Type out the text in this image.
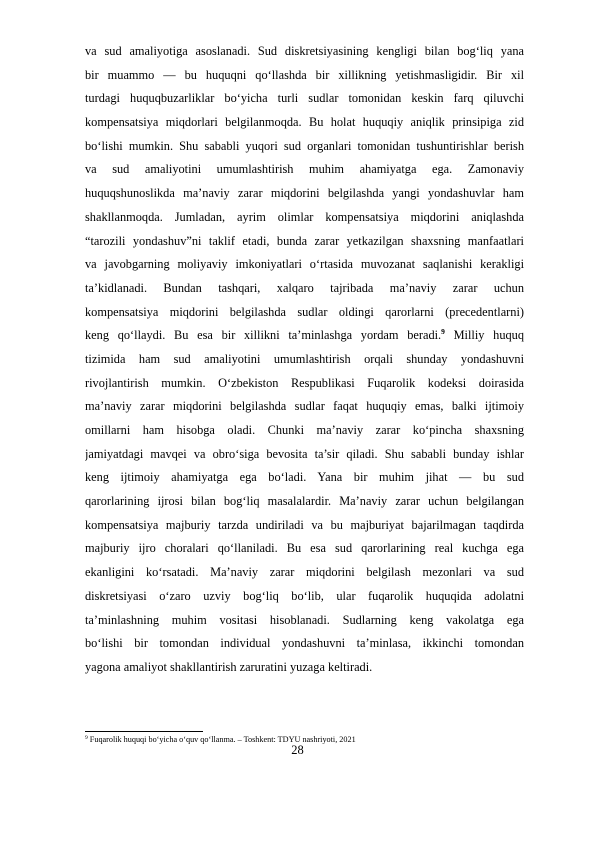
va sud amaliyotiga asoslanadi. Sud diskretsiyasining kengligi bilan bog‘liq yana
bir muammo — bu huquqni qo‘llashda bir xillikning yetishmasligidir. Bir xil
turdagi huquqbuzarliklar bo‘yicha turli sudlar tomonidan keskin farq qiluvchi
kompensatsiya miqdorlari belgilanmoqda. Bu holat huquqiy aniqlik prinsipiga zid
bo‘lishi mumkin. Shu sababli yuqori sud organlari tomonidan tushuntirishlar berish
va sud amaliyotini umumlashtirish muhim ahamiyatga ega. Zamonaviy
huquqshunoslikda ma’naviy zarar miqdorini belgilashda yangi yondashuvlar ham
shakllanmoqda. Jumladan, ayrim olimlar kompensatsiya miqdorini aniqlashda
“tarozili yondashuv”ni taklif etadi, bunda zarar yetkazilgan shaxsning manfaatlari
va javobgarning moliyaviy imkoniyatlari o‘rtasida muvozanat saqlanishi kerakligi
ta’kidlanadi. Bundan tashqari, xalqaro tajribada ma’naviy zarar uchun
kompensatsiya miqdorini belgilashda sudlar oldingi qarorlarni (precedentlarni)
keng qo‘llaydi. Bu esa bir xillikni ta’minlashga yordam beradi.$^9$ Milliy huquq
tizimida ham sud amaliyotini umumlashtirish orqali shunday yondashuvni
rivojlantirish mumkin. O‘zbekiston Respublikasi Fuqarolik kodeksi doirasida
ma’naviy zarar miqdorini belgilashda sudlar faqat huquqiy emas, balki ijtimoiy
omillarni ham hisobga oladi. Chunki ma’naviy zarar ko‘pincha shaxsning
jamiyatdagi mavqei va obro‘siga bevosita ta’sir qiladi. Shu sababli bunday ishlar
keng ijtimoiy ahamiyatga ega bo‘ladi. Yana bir muhim jihat — bu sud
qarorlarining ijrosi bilan bog‘liq masalalardir. Ma’naviy zarar uchun belgilangan
kompensatsiya majburiy tarzda undiriladi va bu majburiyat bajarilmagan taqdirda
majburiy ijro choralari qo‘llaniladi. Bu esa sud qarorlarining real kuchga ega
ekanligini ko‘rsatadi. Ma’naviy zarar miqdorini belgilash mezonlari va sud
diskretsiyasi o‘zaro uzviy bog‘liq bo‘lib, ular fuqarolik huquqida adolatni
ta’minlashning muhim vositasi hisoblanadi. Sudlarning keng vakolatga ega
bo‘lishi bir tomondan individual yondashuvni ta’minlasa, ikkinchi tomondan
yagona amaliyot shakllantirish zaruratini yuzaga keltiradi.
$^9$ Fuqarolik huquqi bo‘yicha o‘quv qo‘llanma. – Toshkent: TDYU nashriyoti, 2021
28
